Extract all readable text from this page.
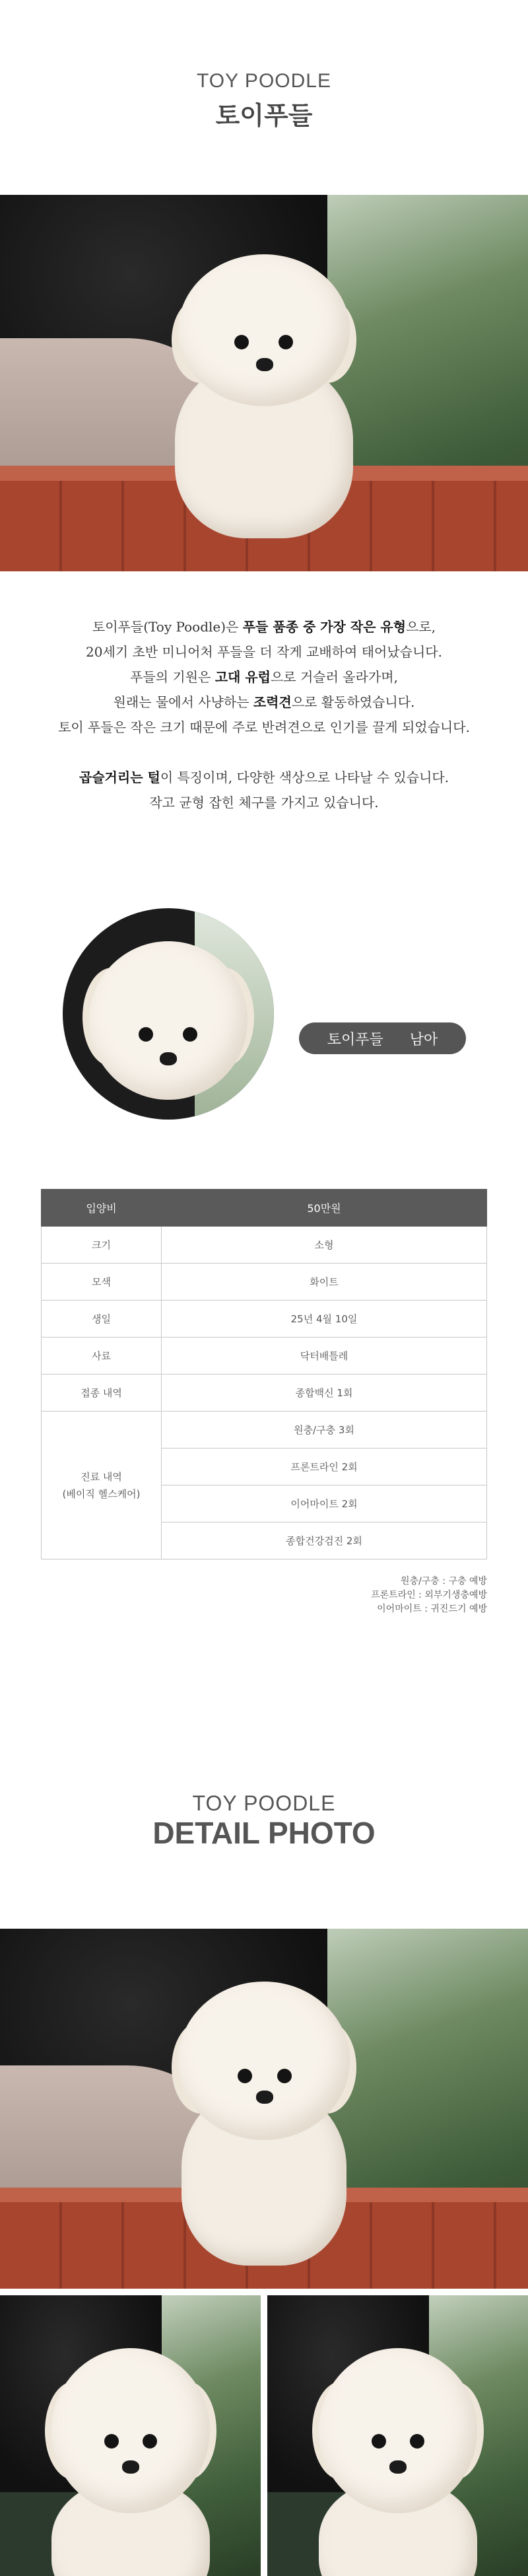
TOY POODLE
토이푸들

토이푸들(Toy Poodle)은 푸들 품종 중 가장 작은 유형으로,

20세기 초반 미니어처 푸들을 더 작게 교배하여 태어났습니다.

푸들의 기원은 고대 유럽으로 거슬러 올라가며,

원래는 물에서 사냥하는 조력견으로 활동하였습니다.

토이 푸들은 작은 크기 때문에 주로 반려견으로 인기를 끌게 되었습니다.

곱슬거리는 털이 특징이며, 다양한 색상으로 나타날 수 있습니다.

작고 균형 잡힌 체구를 가지고 있습니다.

토이푸들 남아
입양비	50만원
크기	소형
모색	화이트
생일	25년 4월 10일
사료	닥터배틀레
접종 내역	종합백신 1회
진료 내역
(베이직 헬스케어)	원충/구충 3회
	프론트라인 2회
	이어마이트 2회
	종합건강검진 2회
원충/구충 : 구충 예방
프론트라인 : 외부기생충예방
이어마이트 : 귀진드기 예방
TOY POODLE
DETAIL PHOTO
